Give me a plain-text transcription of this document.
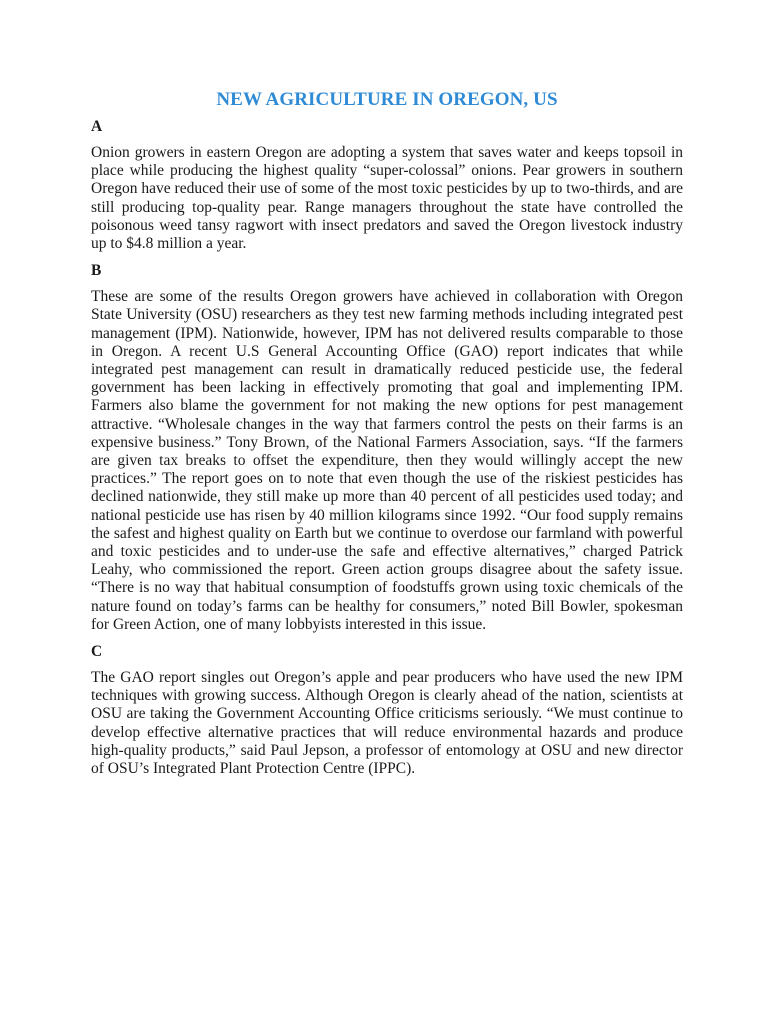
NEW AGRICULTURE IN OREGON, US
A

Onion growers in eastern Oregon are adopting a system that saves water and keeps topsoil in place while producing the highest quality “super-colossal” onions. Pear growers in southern Oregon have reduced their use of some of the most toxic pesticides by up to two-thirds, and are still producing top-quality pear. Range managers throughout the state have controlled the poisonous weed tansy ragwort with insect predators and saved the Oregon livestock industry up to $4.8 million a year.

B

These are some of the results Oregon growers have achieved in collaboration with Oregon State University (OSU) researchers as they test new farming methods including integrated pest management (IPM). Nationwide, however, IPM has not delivered results comparable to those in Oregon. A recent U.S General Accounting Office (GAO) report indicates that while integrated pest management can result in dramatically reduced pesticide use, the federal government has been lacking in effectively promoting that goal and implementing IPM. Farmers also blame the government for not making the new options for pest management attractive. “Wholesale changes in the way that farmers control the pests on their farms is an expensive business.” Tony Brown, of the National Farmers Association, says. “If the farmers are given tax breaks to offset the expenditure, then they would willingly accept the new practices.” The report goes on to note that even though the use of the riskiest pesticides has declined nationwide, they still make up more than 40 percent of all pesticides used today; and national pesticide use has risen by 40 million kilograms since 1992. “Our food supply remains the safest and highest quality on Earth but we continue to overdose our farmland with powerful and toxic pesticides and to under-use the safe and effective alternatives,” charged Patrick Leahy, who commissioned the report. Green action groups disagree about the safety issue. “There is no way that habitual consumption of foodstuffs grown using toxic chemicals of the nature found on today’s farms can be healthy for consumers,” noted Bill Bowler, spokesman for Green Action, one of many lobbyists interested in this issue.

C

The GAO report singles out Oregon’s apple and pear producers who have used the new IPM techniques with growing success. Although Oregon is clearly ahead of the nation, scientists at OSU are taking the Government Accounting Office criticisms seriously. “We must continue to develop effective alternative practices that will reduce environmental hazards and produce high-quality products,” said Paul Jepson, a professor of entomology at OSU and new director of OSU’s Integrated Plant Protection Centre (IPPC).
